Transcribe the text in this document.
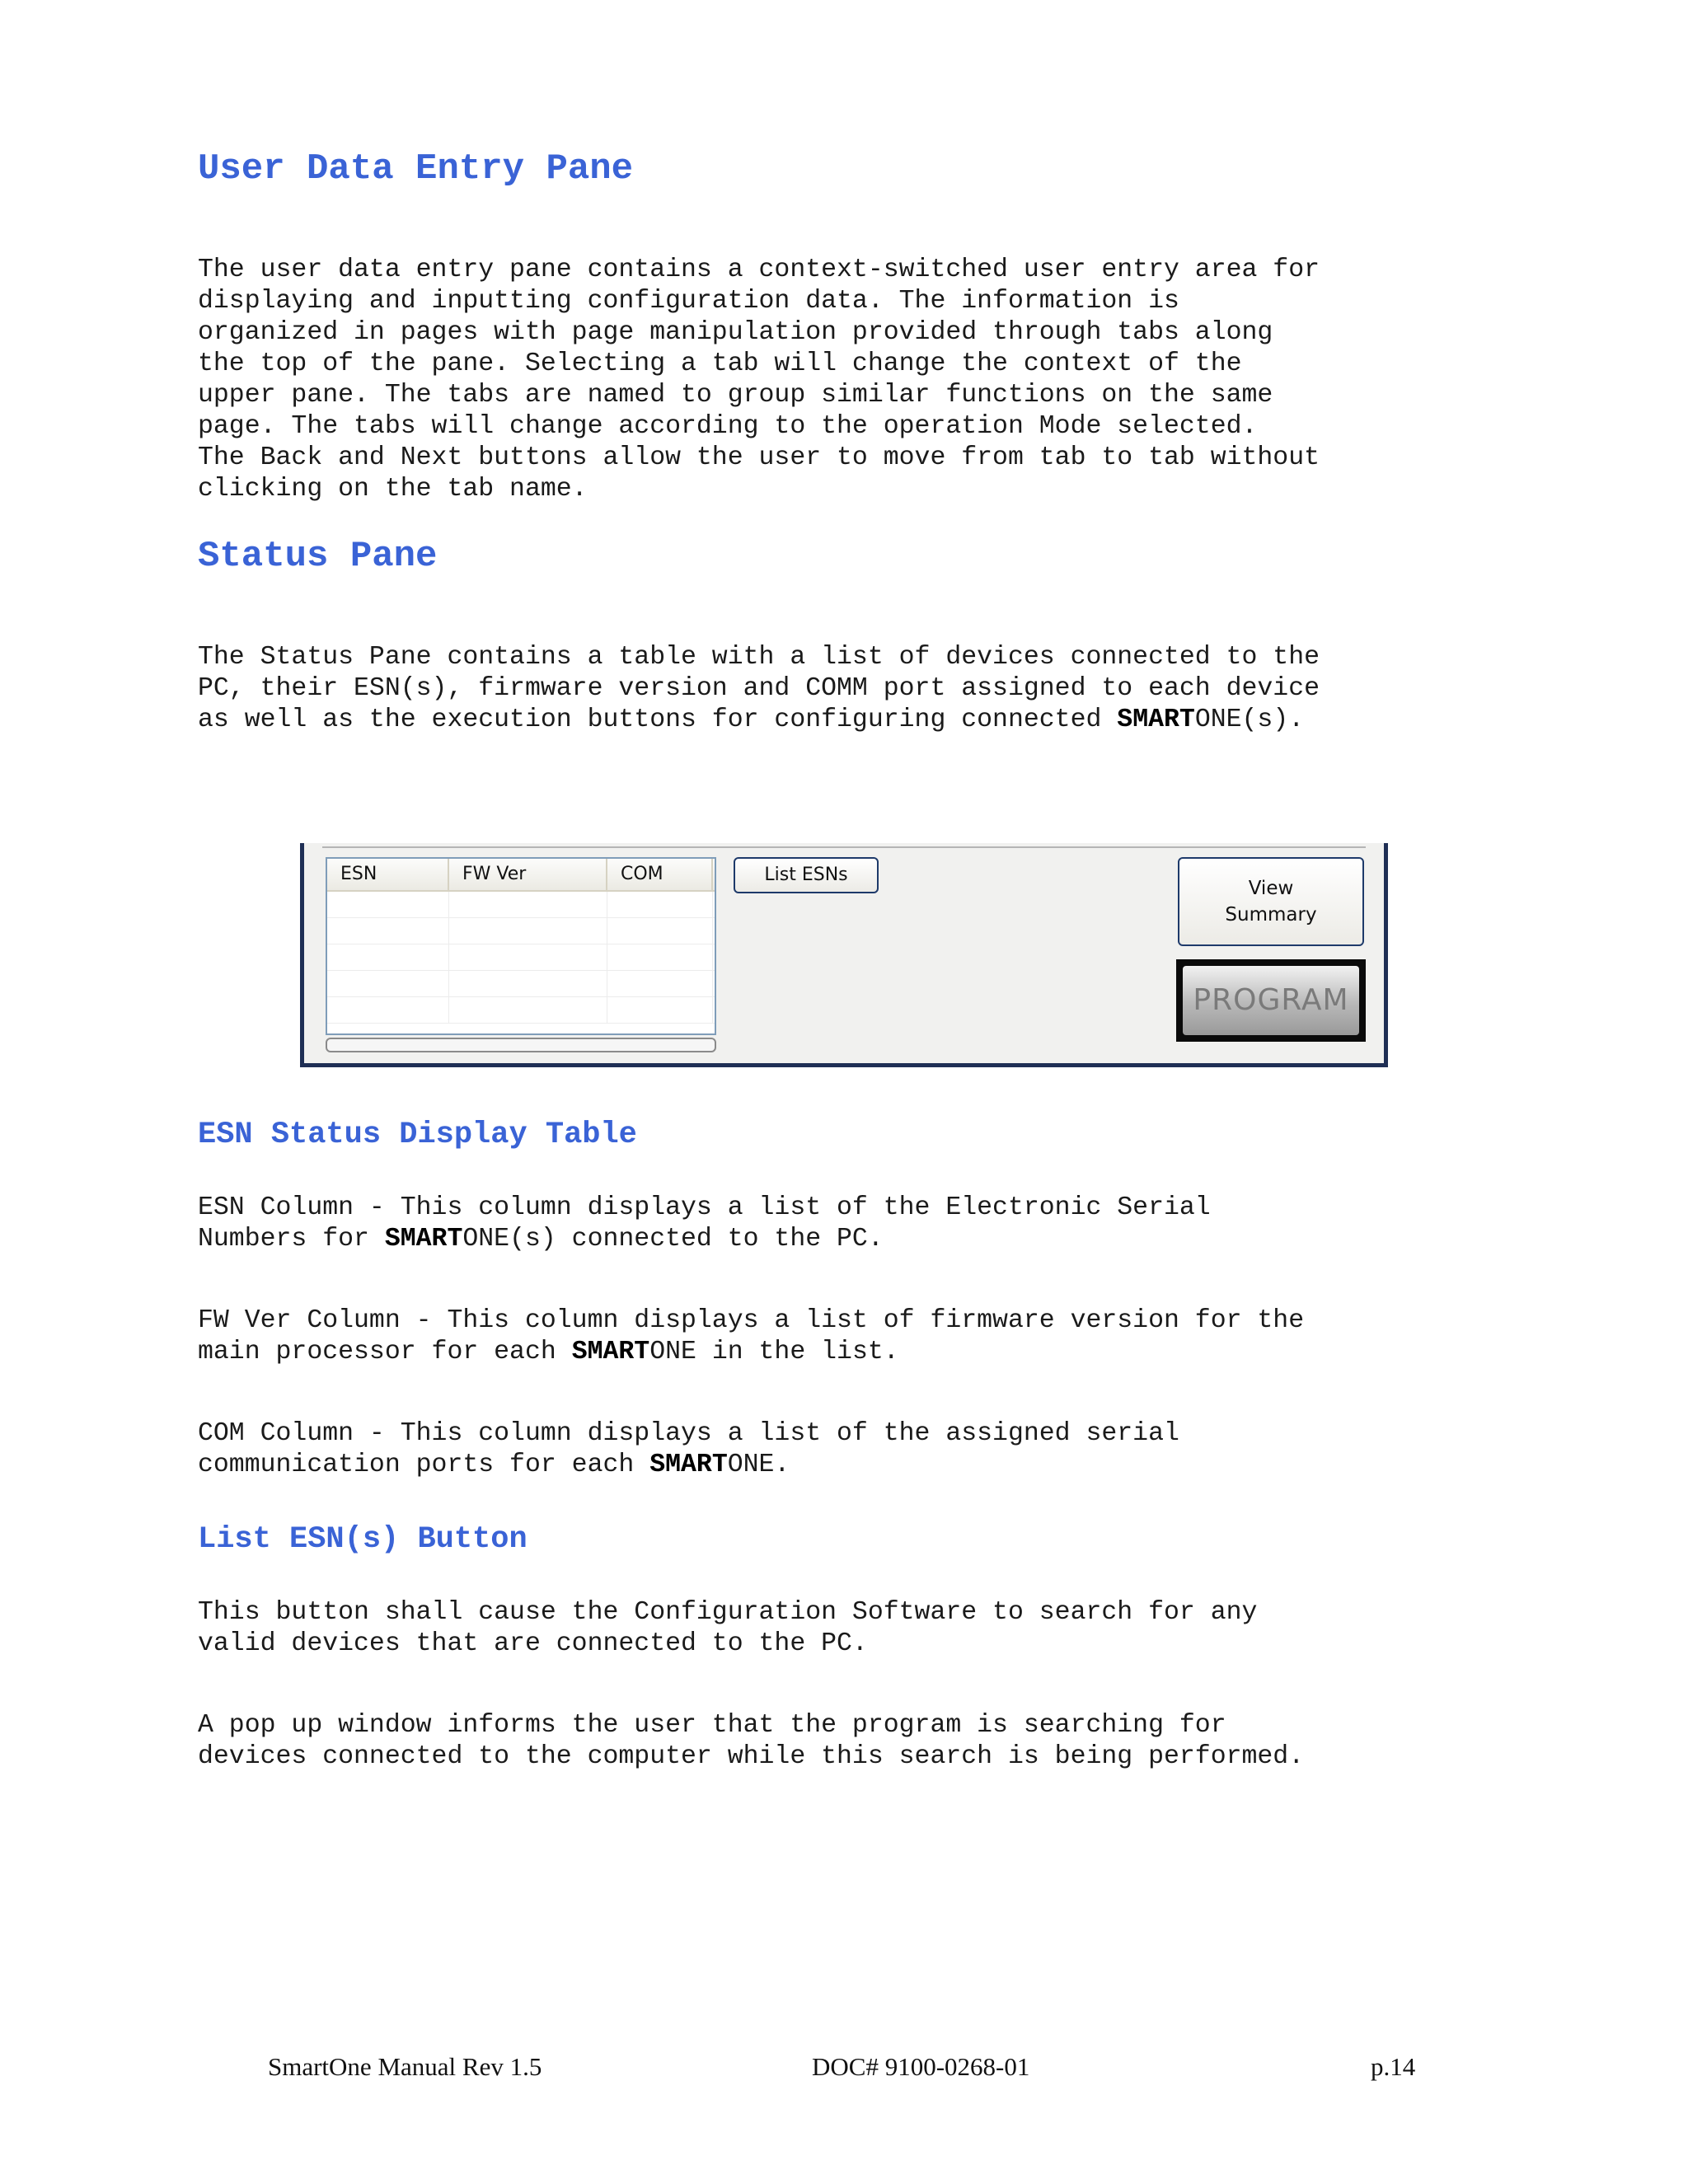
User Data Entry Pane

The user data entry pane contains a context-switched user entry area for
displaying and inputting configuration data. The information is
organized in pages with page manipulation provided through tabs along
the top of the pane. Selecting a tab will change the context of the
upper pane. The tabs are named to group similar functions on the same
page. The tabs will change according to the operation Mode selected.
The Back and Next buttons allow the user to move from tab to tab without
clicking on the tab name.

Status Pane

The Status Pane contains a table with a list of devices connected to the
PC, their ESN(s), firmware version and COMM port assigned to each device
as well as the execution buttons for configuring connected SMARTONE(s).

ESN	FW Ver	COM	List ESNs
View
Summary
PROGRAM
ESN Status Display Table

ESN Column - This column displays a list of the Electronic Serial
Numbers for SMARTONE(s) connected to the PC.

FW Ver Column - This column displays a list of firmware version for the
main processor for each SMARTONE in the list.

COM Column - This column displays a list of the assigned serial
communication ports for each SMARTONE.

List ESN(s) Button

This button shall cause the Configuration Software to search for any
valid devices that are connected to the PC.

A pop up window informs the user that the program is searching for
devices connected to the computer while this search is being performed.

SmartOne Manual Rev 1.5	DOC# 9100-0268-01	p.14
